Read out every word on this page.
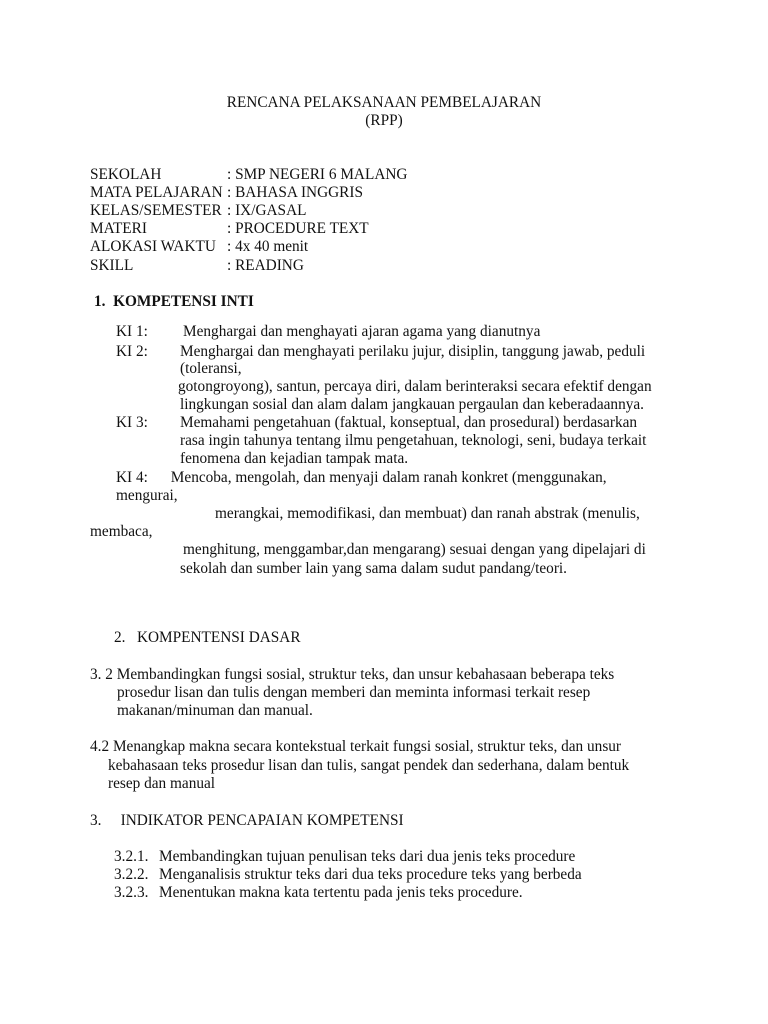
RENCANA PELAKSANAAN PEMBELAJARAN
(RPP)
SEKOLAH	: SMP NEGERI 6 MALANG
MATA PELAJARAN : BAHASA INGGRIS
KELAS/SEMESTER : IX/GASAL
MATERI	: PROCEDURE TEXT
ALOKASI WAKTU : 4x 40 menit
SKILL	: READING
1.  KOMPETENSI INTI
KI 1: Menghargai dan menghayati ajaran agama yang dianutnya
KI 2: Menghargai dan menghayati perilaku jujur, disiplin, tanggung jawab, peduli
(toleransi,
gotongroyong), santun, percaya diri, dalam berinteraksi secara efektif dengan
lingkungan sosial dan alam dalam jangkauan pergaulan dan keberadaannya.
KI 3: Memahami pengetahuan (faktual, konseptual, dan prosedural) berdasarkan
rasa ingin tahunya tentang ilmu pengetahuan, teknologi, seni, budaya terkait
fenomena dan kejadian tampak mata.
KI 4:      Mencoba, mengolah, dan menyaji dalam ranah konkret (menggunakan,
mengurai,
merangkai, memodifikasi, dan membuat) dan ranah abstrak (menulis,
membaca,
menghitung, menggambar,dan mengarang) sesuai dengan yang dipelajari di
sekolah dan sumber lain yang sama dalam sudut pandang/teori.
2.   KOMPENTENSI DASAR
3. 2 Membandingkan fungsi sosial, struktur teks, dan unsur kebahasaan beberapa teks
prosedur lisan dan tulis dengan memberi dan meminta informasi terkait resep
makanan/minuman dan manual.
4.2 Menangkap makna secara kontekstual terkait fungsi sosial, struktur teks, dan unsur
kebahasaan teks prosedur lisan dan tulis, sangat pendek dan sederhana, dalam bentuk
resep dan manual
3.     INDIKATOR PENCAPAIAN KOMPETENSI
3.2.1. Membandingkan tujuan penulisan teks dari dua jenis teks procedure
3.2.2. Menganalisis struktur teks dari dua teks procedure teks yang berbeda
3.2.3. Menentukan makna kata tertentu pada jenis teks procedure.
